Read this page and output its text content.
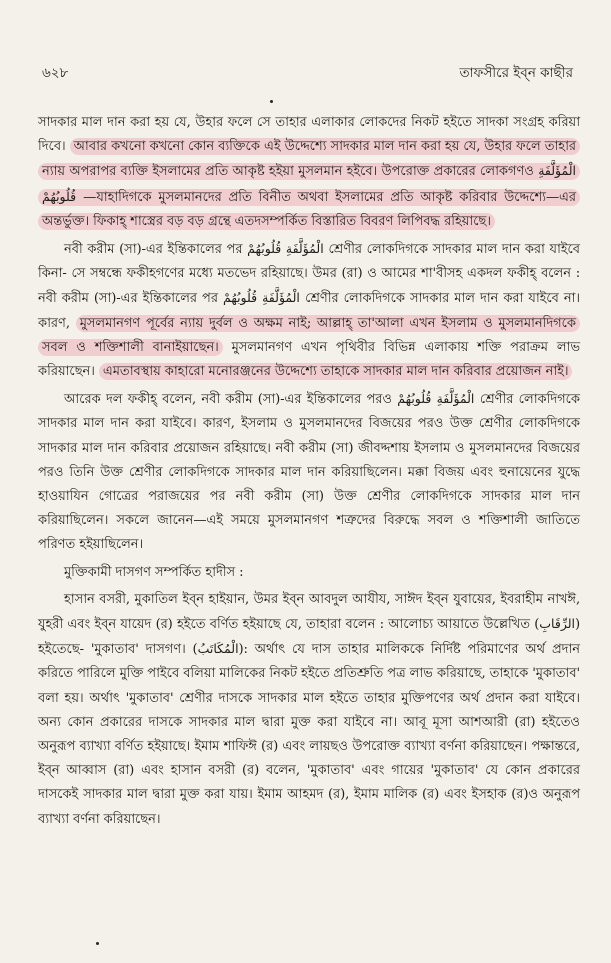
৬২৮	তাফসীরে ইব্‌ন কাছীর

সাদকার মাল দান করা হয় যে, উহার ফলে সে তাহার এলাকার লোকদের নিকট হইতে সাদকা সংগ্রহ করিয়া দিবে। আবার কখনো কখনো কোন ব্যক্তিকে এই উদ্দেশ্যে সাদকার মাল দান করা হয় যে, উহার ফলে তাহার ন্যায় অপরাপর ব্যক্তি ইসলামের প্রতি আকৃষ্ট হইয়া মুসলমান হইবে। উপরোক্ত প্রকারের লোকগণও الْمُؤَلَّفَةِ قُلُوبُهُمْ —যাহাদিগকে মুসলমানদের প্রতি বিনীত অথবা ইসলামের প্রতি আকৃষ্ট করিবার উদ্দেশ্যে—এর অন্তর্ভুক্ত। ফিকাহ্‌ শাস্ত্রের বড় বড় গ্রন্থে এতদসম্পর্কিত বিস্তারিত বিবরণ লিপিবদ্ধ রহিয়াছে।

নবী করীম (সা)-এর ইন্তিকালের পর الْمُؤَلَّفَةِ قُلُوبُهُمْ শ্রেণীর লোকদিগকে সাদকার মাল দান করা যাইবে কিনা- সে সম্বন্ধে ফকীহগণের মধ্যে মতভেদ রহিয়াছে। উমর (রা) ও আমের শা'বীসহ একদল ফকীহ্‌ বলেন : নবী করীম (সা)-এর ইন্তিকালের পর الْمُؤَلَّفَةِ قُلُوبُهُمْ শ্রেণীর লোকদিগকে সাদকার মাল দান করা যাইবে না। কারণ, মুসলমানগণ পূর্বের ন্যায় দুর্বল ও অক্ষম নাই; আল্লাহ্‌ তা'আলা এখন ইসলাম ও মুসলমানদিগকে সবল ও শক্তিশালী বানাইয়াছেন। মুসলমানগণ এখন পৃথিবীর বিভিন্ন এলাকায় শক্তি পরাক্রম লাভ করিয়াছেন। এমতাবস্থায় কাহারো মনোরঞ্জনের উদ্দেশ্যে তাহাকে সাদকার মাল দান করিবার প্রয়োজন নাই।

আরেক দল ফকীহ্‌ বলেন, নবী করীম (সা)-এর ইন্তিকালের পরও الْمُؤَلَّفَةِ قُلُوبُهُمْ শ্রেণীর লোকদিগকে সাদকার মাল দান করা যাইবে। কারণ, ইসলাম ও মুসলমানদের বিজয়ের পরও উক্ত শ্রেণীর লোকদিগকে সাদকার মাল দান করিবার প্রয়োজন রহিয়াছে। নবী করীম (সা) জীবদ্দশায় ইসলাম ও মুসলমানদের বিজয়ের পরও তিনি উক্ত শ্রেণীর লোকদিগকে সাদকার মাল দান করিয়াছিলেন। মক্কা বিজয় এবং হুনায়েনের যুদ্ধে হাওয়াযিন গোত্রের পরাজয়ের পর নবী করীম (সা) উক্ত শ্রেণীর লোকদিগকে সাদকার মাল দান করিয়াছিলেন। সকলে জানেন—এই সময়ে মুসলমানগণ শত্রুদের বিরুদ্ধে সবল ও শক্তিশালী জাতিতে পরিণত হইয়াছিলেন।

মুক্তিকামী দাসগণ সম্পর্কিত হাদীস :

হাসান বসরী, মুকাতিল ইব্‌ন হাইয়ান, উমর ইব্‌ন আবদুল আযীয, সাঈদ ইব্‌ন যুবায়ের, ইবরাহীম নাখঈ, যুহরী এবং ইব্‌ন যায়েদ (র) হইতে বর্ণিত হইয়াছে যে, তাহারা বলেন : আলোচ্য আয়াতে উল্লেখিত (الرِّقَابِ) হইতেছে- 'মুকাতাব' দাসগণ। (الْمُكَاتَبُ): অর্থাৎ যে দাস তাহার মালিককে নির্দিষ্ট পরিমাণের অর্থ প্রদান করিতে পারিলে মুক্তি পাইবে বলিয়া মালিকের নিকট হইতে প্রতিশ্রুতি পত্র লাভ করিয়াছে, তাহাকে 'মুকাতাব' বলা হয়। অর্থাৎ 'মুকাতাব' শ্রেণীর দাসকে সাদকার মাল হইতে তাহার মুক্তিপণের অর্থ প্রদান করা যাইবে। অন্য কোন প্রকারের দাসকে সাদকার মাল দ্বারা মুক্ত করা যাইবে না। আবূ মূসা আশআরী (রা) হইতেও অনুরূপ ব্যাখ্যা বর্ণিত হইয়াছে। ইমাম শাফিঈ (র) এবং লায়ছও উপরোক্ত ব্যাখ্যা বর্ণনা করিয়াছেন। পক্ষান্তরে, ইব্‌ন আব্বাস (রা) এবং হাসান বসরী (র) বলেন, 'মুকাতাব' এবং গায়ের 'মুকাতাব' যে কোন প্রকারের দাসকেই সাদকার মাল দ্বারা মুক্ত করা যায়। ইমাম আহমদ (র), ইমাম মালিক (র) এবং ইসহাক (র)ও অনুরূপ ব্যাখ্যা বর্ণনা করিয়াছেন।
